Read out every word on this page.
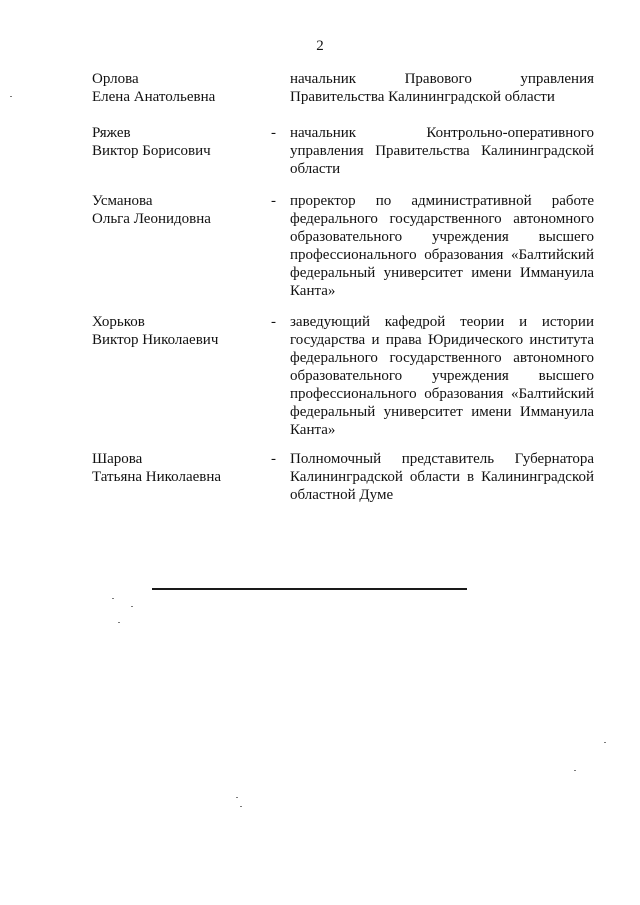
2
Орлова
Елена Анатольевна
начальник Правового управления Правительства Калининградской области
Ряжев
Виктор Борисович
- начальник Контрольно-оперативного управления Правительства Калининградской области
Усманова
Ольга Леонидовна
- проректор по административной работе федерального государственного автономного образовательного учреждения высшего профессионального образования «Балтийский федеральный университет имени Иммануила Канта»
Хорьков
Виктор Николаевич
- заведующий кафедрой теории и истории государства и права Юридического института федерального государственного автономного образовательного учреждения высшего профессионального образования «Балтийский федеральный университет имени Иммануила Канта»
Шарова
Татьяна Николаевна
- Полномочный представитель Губернатора Калининградской области в Калининградской областной Думе
